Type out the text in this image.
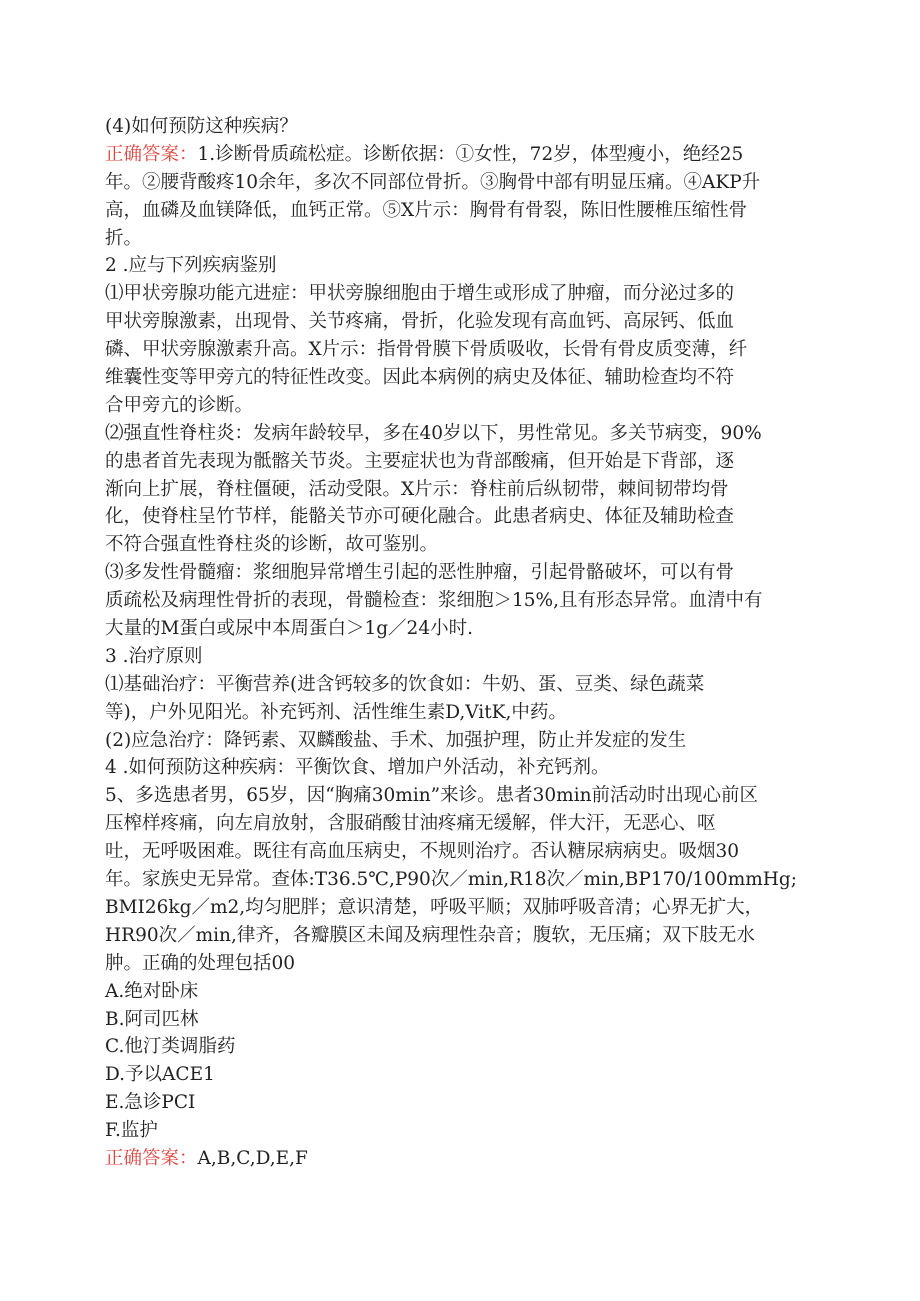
(4)如何预防这种疾病？
正确答案：1.诊断骨质疏松症。诊断依据：①女性，72岁，体型瘦小，绝经25
年。②腰背酸疼10余年，多次不同部位骨折。③胸骨中部有明显压痛。④AKP升
高，血磷及血镁降低，血钙正常。⑤X片示：胸骨有骨裂，陈旧性腰椎压缩性骨
折。
2 .应与下列疾病鉴别
⑴甲状旁腺功能亢进症：甲状旁腺细胞由于增生或形成了肿瘤，而分泌过多的
甲状旁腺激素，出现骨、关节疼痛，骨折，化验发现有高血钙、高尿钙、低血
磷、甲状旁腺激素升高。X片示：指骨骨膜下骨质吸收，长骨有骨皮质变薄，纤
维囊性变等甲旁亢的特征性改变。因此本病例的病史及体征、辅助检查均不符
合甲旁亢的诊断。
⑵强直性脊柱炎：发病年龄较早，多在40岁以下，男性常见。多关节病变，90%
的患者首先表现为骶髂关节炎。主要症状也为背部酸痛，但开始是下背部，逐
渐向上扩展，脊柱僵硬，活动受限。X片示：脊柱前后纵韧带，棘间韧带均骨
化，使脊柱呈竹节样，能骼关节亦可硬化融合。此患者病史、体征及辅助检查
不符合强直性脊柱炎的诊断，故可鉴别。
⑶多发性骨髓瘤：浆细胞异常增生引起的恶性肿瘤，引起骨骼破坏，可以有骨
质疏松及病理性骨折的表现，骨髓检查：浆细胞＞15%,且有形态异常。血清中有
大量的M蛋白或尿中本周蛋白＞1g／24小时.
3 .治疗原则
⑴基础治疗：平衡营养(进含钙较多的饮食如：牛奶、蛋、豆类、绿色蔬菜
等)，户外见阳光。补充钙剂、活性维生素D,VitK,中药。
(2)应急治疗：降钙素、双麟酸盐、手术、加强护理，防止并发症的发生
4 .如何预防这种疾病：平衡饮食、增加户外活动，补充钙剂。
5、多选患者男，65岁，因“胸痛30min”来诊。患者30min前活动时出现心前区
压榨样疼痛，向左肩放射，含服硝酸甘油疼痛无缓解，伴大汗，无恶心、呕
吐，无呼吸困难。既往有高血压病史，不规则治疗。否认糖尿病病史。吸烟30
年。家族史无异常。查体:T36.5℃,P90次／min,R18次／min,BP170/100mmHg;
BMI26kg／m2,均匀肥胖；意识清楚，呼吸平顺；双肺呼吸音清；心界无扩大，
HR90次／min,律齐，各瓣膜区未闻及病理性杂音；腹软，无压痛；双下肢无水
肿。正确的处理包括00
A.绝对卧床
B.阿司匹林
C.他汀类调脂药
D.予以ACE1
E.急诊PCI
F.监护
正确答案：A,B,C,D,E,F
